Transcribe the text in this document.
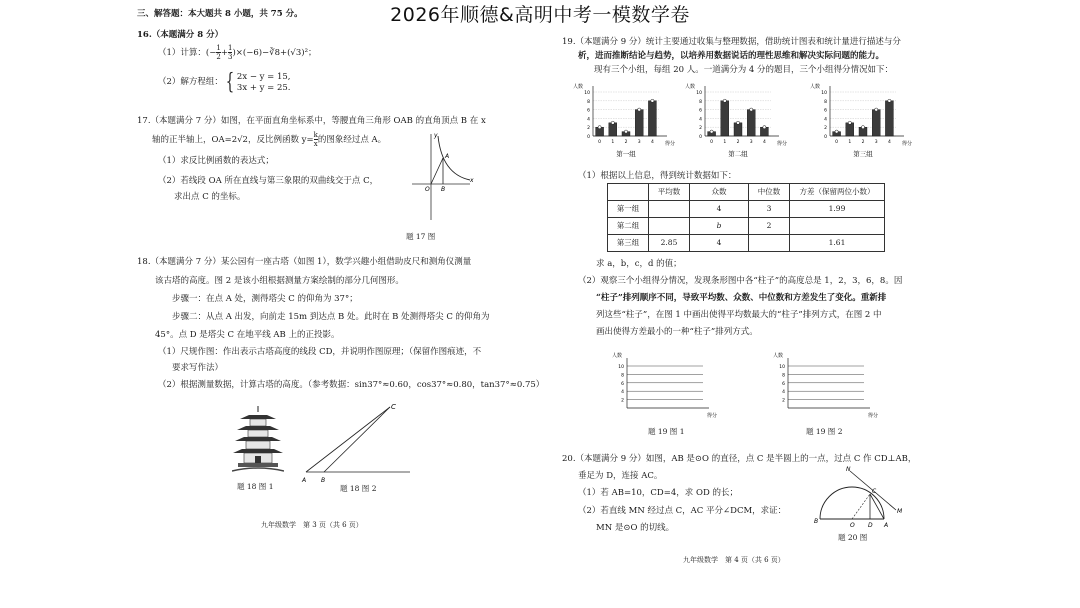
2026年顺德&高明中考一模数学卷
三、解答题：本大题共 8 小题，共 75 分。
16.（本题满分 8 分）
（1）计算：(− $\frac{1}{2} + \frac{1}{3}$ )×(−6)−∛8+(√3)²；
（2）解方程组： { 2x − y = 15,
3x + y = 25.
17.（本题满分 7 分）如图，在平面直角坐标系中，等腰直角三角形 OAB 的直角顶点 B 在 x
轴的正半轴上，OA=2√2，反比例函数 $y= \frac{k}{x}$ 的图象经过点 A。
（1）求反比例函数的表达式；
（2）若线段 OA 所在直线与第三象限的双曲线交于点 C，
求出点 C 的坐标。
y
x
A
O B
题 17 图
18.（本题满分 7 分）某公园有一座古塔（如图 1），数学兴趣小组借助皮尺和测角仪测量
该古塔的高度。图 2 是该小组根据测量方案绘制的部分几何图形。
步骤一：在点 A 处，测得塔尖 C 的仰角为 37°；
步骤二：从点 A 出发，向前走 15m 到达点 B 处。此时在 B 处测得塔尖 C 的仰角为
45°。点 D 是塔尖 C 在地平线 AB 上的正投影。
（1）尺规作图：作出表示古塔高度的线段 CD，并说明作图原理；（保留作图痕迹，不
要求写作法）
（2）根据测量数据，计算古塔的高度。（参考数据：sin37°≈0.60，cos37°≈0.80，tan37°≈0.75）
题 18 图 1
C
A B
题 18 图 2
九年级数学　第 3 页（共 6 页）
19.（本题满分 9 分）统计主要通过收集与整理数据，借助统计图表和统计量进行描述与分
析，进而推断结论与趋势，以培养用数据说话的理性思维和解决实际问题的能力。
现有三个小组，每组 20 人。一道满分为 4 分的题目，三个小组得分情况如下：
0
2
4
6
8
10
人数
得分
0 1 2 3 4
第一组
0
2
4
6
8
10
人数
得分
0 1 2 3 4
第二组
0
2
4
6
8
10
人数
得分
0 1 2 3 4
第三组
（1）根据以上信息，得到统计数据如下：
	平均数	众数	中位数	方差（保留两位小数）
第一组		4	3	1.99
第二组		b	2	
第三组	2.85	4		1.61
求 a，b，c，d 的值；
（2）观察三个小组得分情况，发现条形图中各“柱子”的高度总是 1，2，3，6，8。因
“柱子”排列顺序不同，导致平均数、众数、中位数和方差发生了变化。重新排
列这些“柱子”，在图 1 中画出使得平均数最大的“柱子”排列方式，在图 2 中
画出使得方差最小的一种“柱子”排列方式。
10
8
6
4
2
人数
得分
题 19 图 1
10
8
6
4
2
人数
得分
题 19 图 2
20.（本题满分 9 分）如图，AB 是⊙O 的直径，点 C 是半圆上的一点，过点 C 作 CD⊥AB，
垂足为 D，连接 AC。
（1）若 AB=10，CD=4，求 OD 的长；
（2）若直线 MN 经过点 C，AC 平分∠DCM，求证：
MN 是⊙O 的切线。
N
C
M
B
O D A
题 20 图
九年级数学　第 4 页（共 6 页）
